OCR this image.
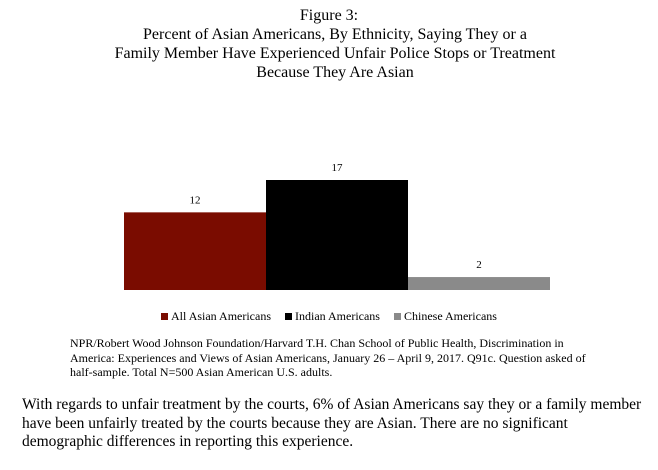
Figure 3:
Percent of Asian Americans, By Ethnicity, Saying They or a
Family Member Have Experienced Unfair Police Stops or Treatment
Because They Are Asian
12
17
2
All Asian Americans Indian Americans Chinese Americans
NPR/Robert Wood Johnson Foundation/Harvard T.H. Chan School of Public Health, Discrimination in America: Experiences and Views of Asian Americans, January 26 – April 9, 2017. Q91c. Question asked of half-sample. Total N=500 Asian American U.S. adults.
With regards to unfair treatment by the courts, 6% of Asian Americans say they or a family member have been unfairly treated by the courts because they are Asian. There are no significant demographic differences in reporting this experience.
